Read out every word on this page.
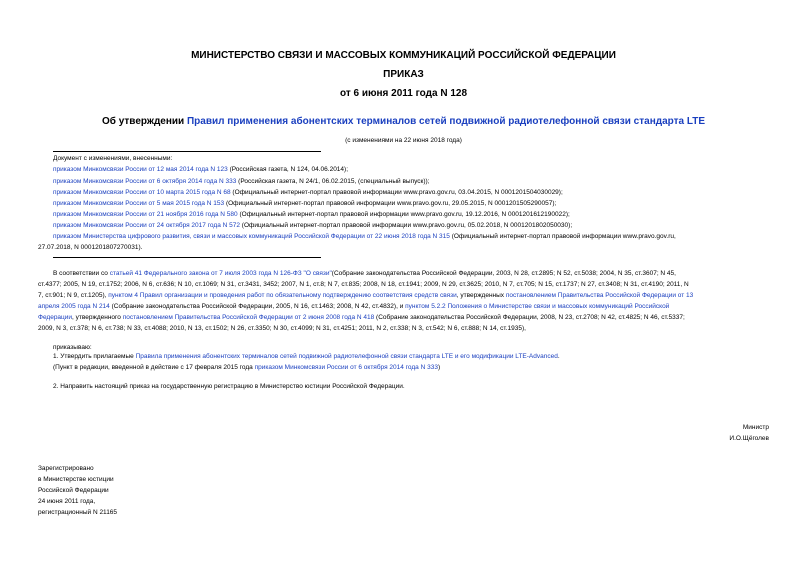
МИНИСТЕРСТВО СВЯЗИ И МАССОВЫХ КОММУНИКАЦИЙ РОССИЙСКОЙ ФЕДЕРАЦИИ
ПРИКАЗ
от 6 июня 2011 года N 128
Об утверждении Правил применения абонентских терминалов сетей подвижной радиотелефонной связи стандарта LTE
(с изменениями на 22 июня 2018 года)
Документ с изменениями, внесенными:
приказом Минкомсвязи России от 12 мая 2014 года N 123 (Российская газета, N 124, 04.06.2014);
приказом Минкомсвязи России от 6 октября 2014 года N 333 (Российская газета, N 24/1, 06.02.2015, (специальный выпуск));
приказом Минкомсвязи России от 10 марта 2015 года N 68 (Официальный интернет-портал правовой информации www.pravo.gov.ru, 03.04.2015, N 0001201504030029);
приказом Минкомсвязи России от 5 мая 2015 года N 153 (Официальный интернет-портал правовой информации www.pravo.gov.ru, 29.05.2015, N 0001201505290057);
приказом Минкомсвязи России от 21 ноября 2016 года N 580 (Официальный интернет-портал правовой информации www.pravo.gov.ru, 19.12.2016, N 0001201612190022);
приказом Минкомсвязи России от 24 октября 2017 года N 572 (Официальный интернет-портал правовой информации www.pravo.gov.ru, 05.02.2018, N 0001201802050030);
приказом Министерства цифрового развития, связи и массовых коммуникаций Российской Федерации от 22 июня 2018 года N 315 (Официальный интернет-портал правовой информации www.pravo.gov.ru,
27.07.2018, N 0001201807270031).
В соответствии со статьей 41 Федерального закона от 7 июля 2003 года N 126-ФЗ "О связи"(Собрание законодательства Российской Федерации, 2003, N 28, ст.2895; N 52, ст.5038; 2004, N 35, ст.3607; N 45,
ст.4377; 2005, N 19, ст.1752; 2006, N 6, ст.636; N 10, ст.1069; N 31, ст.3431, 3452; 2007, N 1, ст.8; N 7, ст.835; 2008, N 18, ст.1941; 2009, N 29, ст.3625; 2010, N 7, ст.705; N 15, ст.1737; N 27, ст.3408; N 31, ст.4190; 2011, N
7, ст.901; N 9, ст.1205), пунктом 4 Правил организации и проведения работ по обязательному подтверждению соответствия средств связи, утвержденных постановлением Правительства Российской Федерации от 13
апреля 2005 года N 214 (Собрание законодательства Российской Федерации, 2005, N 16, ст.1463; 2008, N 42, ст.4832), и пунктом 5.2.2 Положения о Министерстве связи и массовых коммуникаций Российской
Федерации, утвержденного постановлением Правительства Российской Федерации от 2 июня 2008 года N 418 (Собрание законодательства Российской Федерации, 2008, N 23, ст.2708; N 42, ст.4825; N 46, ст.5337;
2009, N 3, ст.378; N 6, ст.738; N 33, ст.4088; 2010, N 13, ст.1502; N 26, ст.3350; N 30, ст.4099; N 31, ст.4251; 2011, N 2, ст.338; N 3, ст.542; N 6, ст.888; N 14, ст.1935),
приказываю:
1. Утвердить прилагаемые Правила применения абонентских терминалов сетей подвижной радиотелефонной связи стандарта LTE и его модификации LTE-Advanced.
(Пункт в редакции, введенной в действие с 17 февраля 2015 года приказом Минкомсвязи России от 6 октября 2014 года N 333)
2. Направить настоящий приказ на государственную регистрацию в Министерство юстиции Российской Федерации.
Министр
И.О.Щёголев
Зарегистрировано
в Министерстве юстиции
Российской Федерации
24 июня 2011 года,
регистрационный N 21165
